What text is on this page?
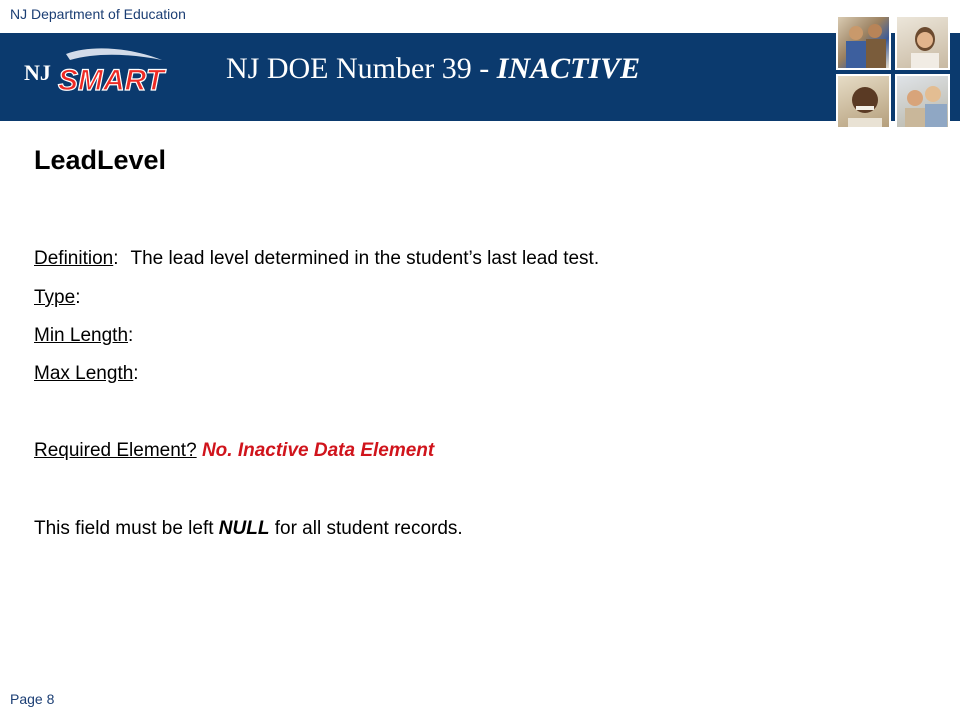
NJ Department of Education
NJ SMART NJ DOE Number 39 - INACTIVE
LeadLevel
Definition: The lead level determined in the student’s last lead test.
Type:
Min Length:
Max Length:
Required Element? No. Inactive Data Element
This field must be left NULL for all student records.
Page 8
